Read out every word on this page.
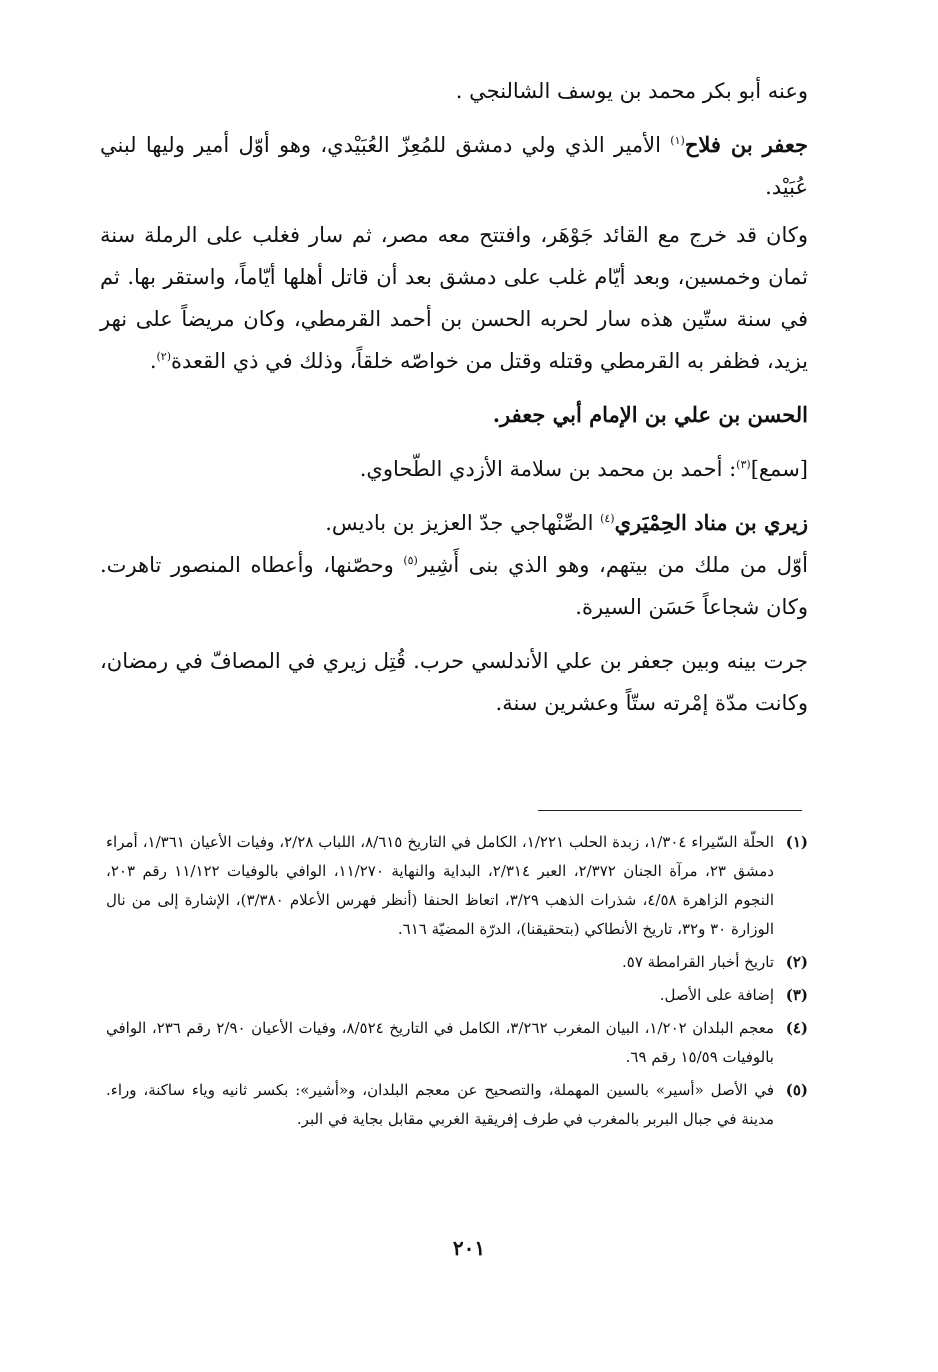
وعنه أبو بكر محمد بن يوسف الشالنجي .

جعفر بن فلاح$^{(١)}$ الأمير الذي ولي دمشق للمُعِزّ العُبَيْدي، وهو أوّل أمير وليها لبني عُبَيْد.

وكان قد خرج مع القائد جَوْهَر، وافتتح معه مصر، ثم سار فغلب على الرملة سنة ثمان وخمسين، وبعد أيّام غلب على دمشق بعد أن قاتل أهلها أيّاماً، واستقر بها. ثم في سنة ستّين هذه سار لحربه الحسن بن أحمد القرمطي، وكان مريضاً على نهر يزيد، فظفر به القرمطي وقتله وقتل من خواصّه خلقاً، وذلك في ذي القعدة$^{(٢)}$.

الحسن بن علي بن الإمام أبي جعفر.

[سمع]$^{(٣)}$: أحمد بن محمد بن سلامة الأزدي الطّحاوي.

زيري بن مناد الحِمْيَري$^{(٤)}$ الصِّنْهاجي جدّ العزيز بن باديس.

أوّل من ملك من بيتهم، وهو الذي بنى أَشِير$^{(٥)}$ وحصّنها، وأعطاه المنصور تاهرت. وكان شجاعاً حَسَن السيرة.

جرت بينه وبين جعفر بن علي الأندلسي حرب. قُتِل زيري في المصافّ في رمضان، وكانت مدّة إمْرته ستّاً وعشرين سنة.

(١)
الحلّة السّيراء ١/٣٠٤، زبدة الحلب ١/٢٢١، الكامل في التاريخ ٨/٦١٥، اللباب ٢/٢٨، وفيات الأعيان ١/٣٦١، أمراء دمشق ٢٣، مرآة الجنان ٢/٣٧٢، العبر ٢/٣١٤، البداية والنهاية ١١/٢٧٠، الوافي بالوفيات ١١/١٢٢ رقم ٢٠٣، النجوم الزاهرة ٤/٥٨، شذرات الذهب ٣/٢٩، اتعاظ الحنفا (أنظر فهرس الأعلام ٣/٣٨٠)، الإشارة إلى من نال الوزارة ٣٠ و٣٢، تاريخ الأنطاكي (بتحقيقنا)، الدرّة المضيّة ٦١٦.
(٢)
تاريخ أخبار القرامطة ٥٧.
(٣)
إضافة على الأصل.
(٤)
معجم البلدان ١/٢٠٢، البيان المغرب ٣/٢٦٢، الكامل في التاريخ ٨/٥٢٤، وفيات الأعيان ٢/٩٠ رقم ٢٣٦، الوافي بالوفيات ١٥/٥٩ رقم ٦٩.
(٥)
في الأصل «أسير» بالسين المهملة، والتصحيح عن معجم البلدان، و«أشير»: بكسر ثانيه وياء ساكنة، وراء. مدينة في جبال البربر بالمغرب في طرف إفريقية الغربي مقابل بجاية في البر.
٢٠١
